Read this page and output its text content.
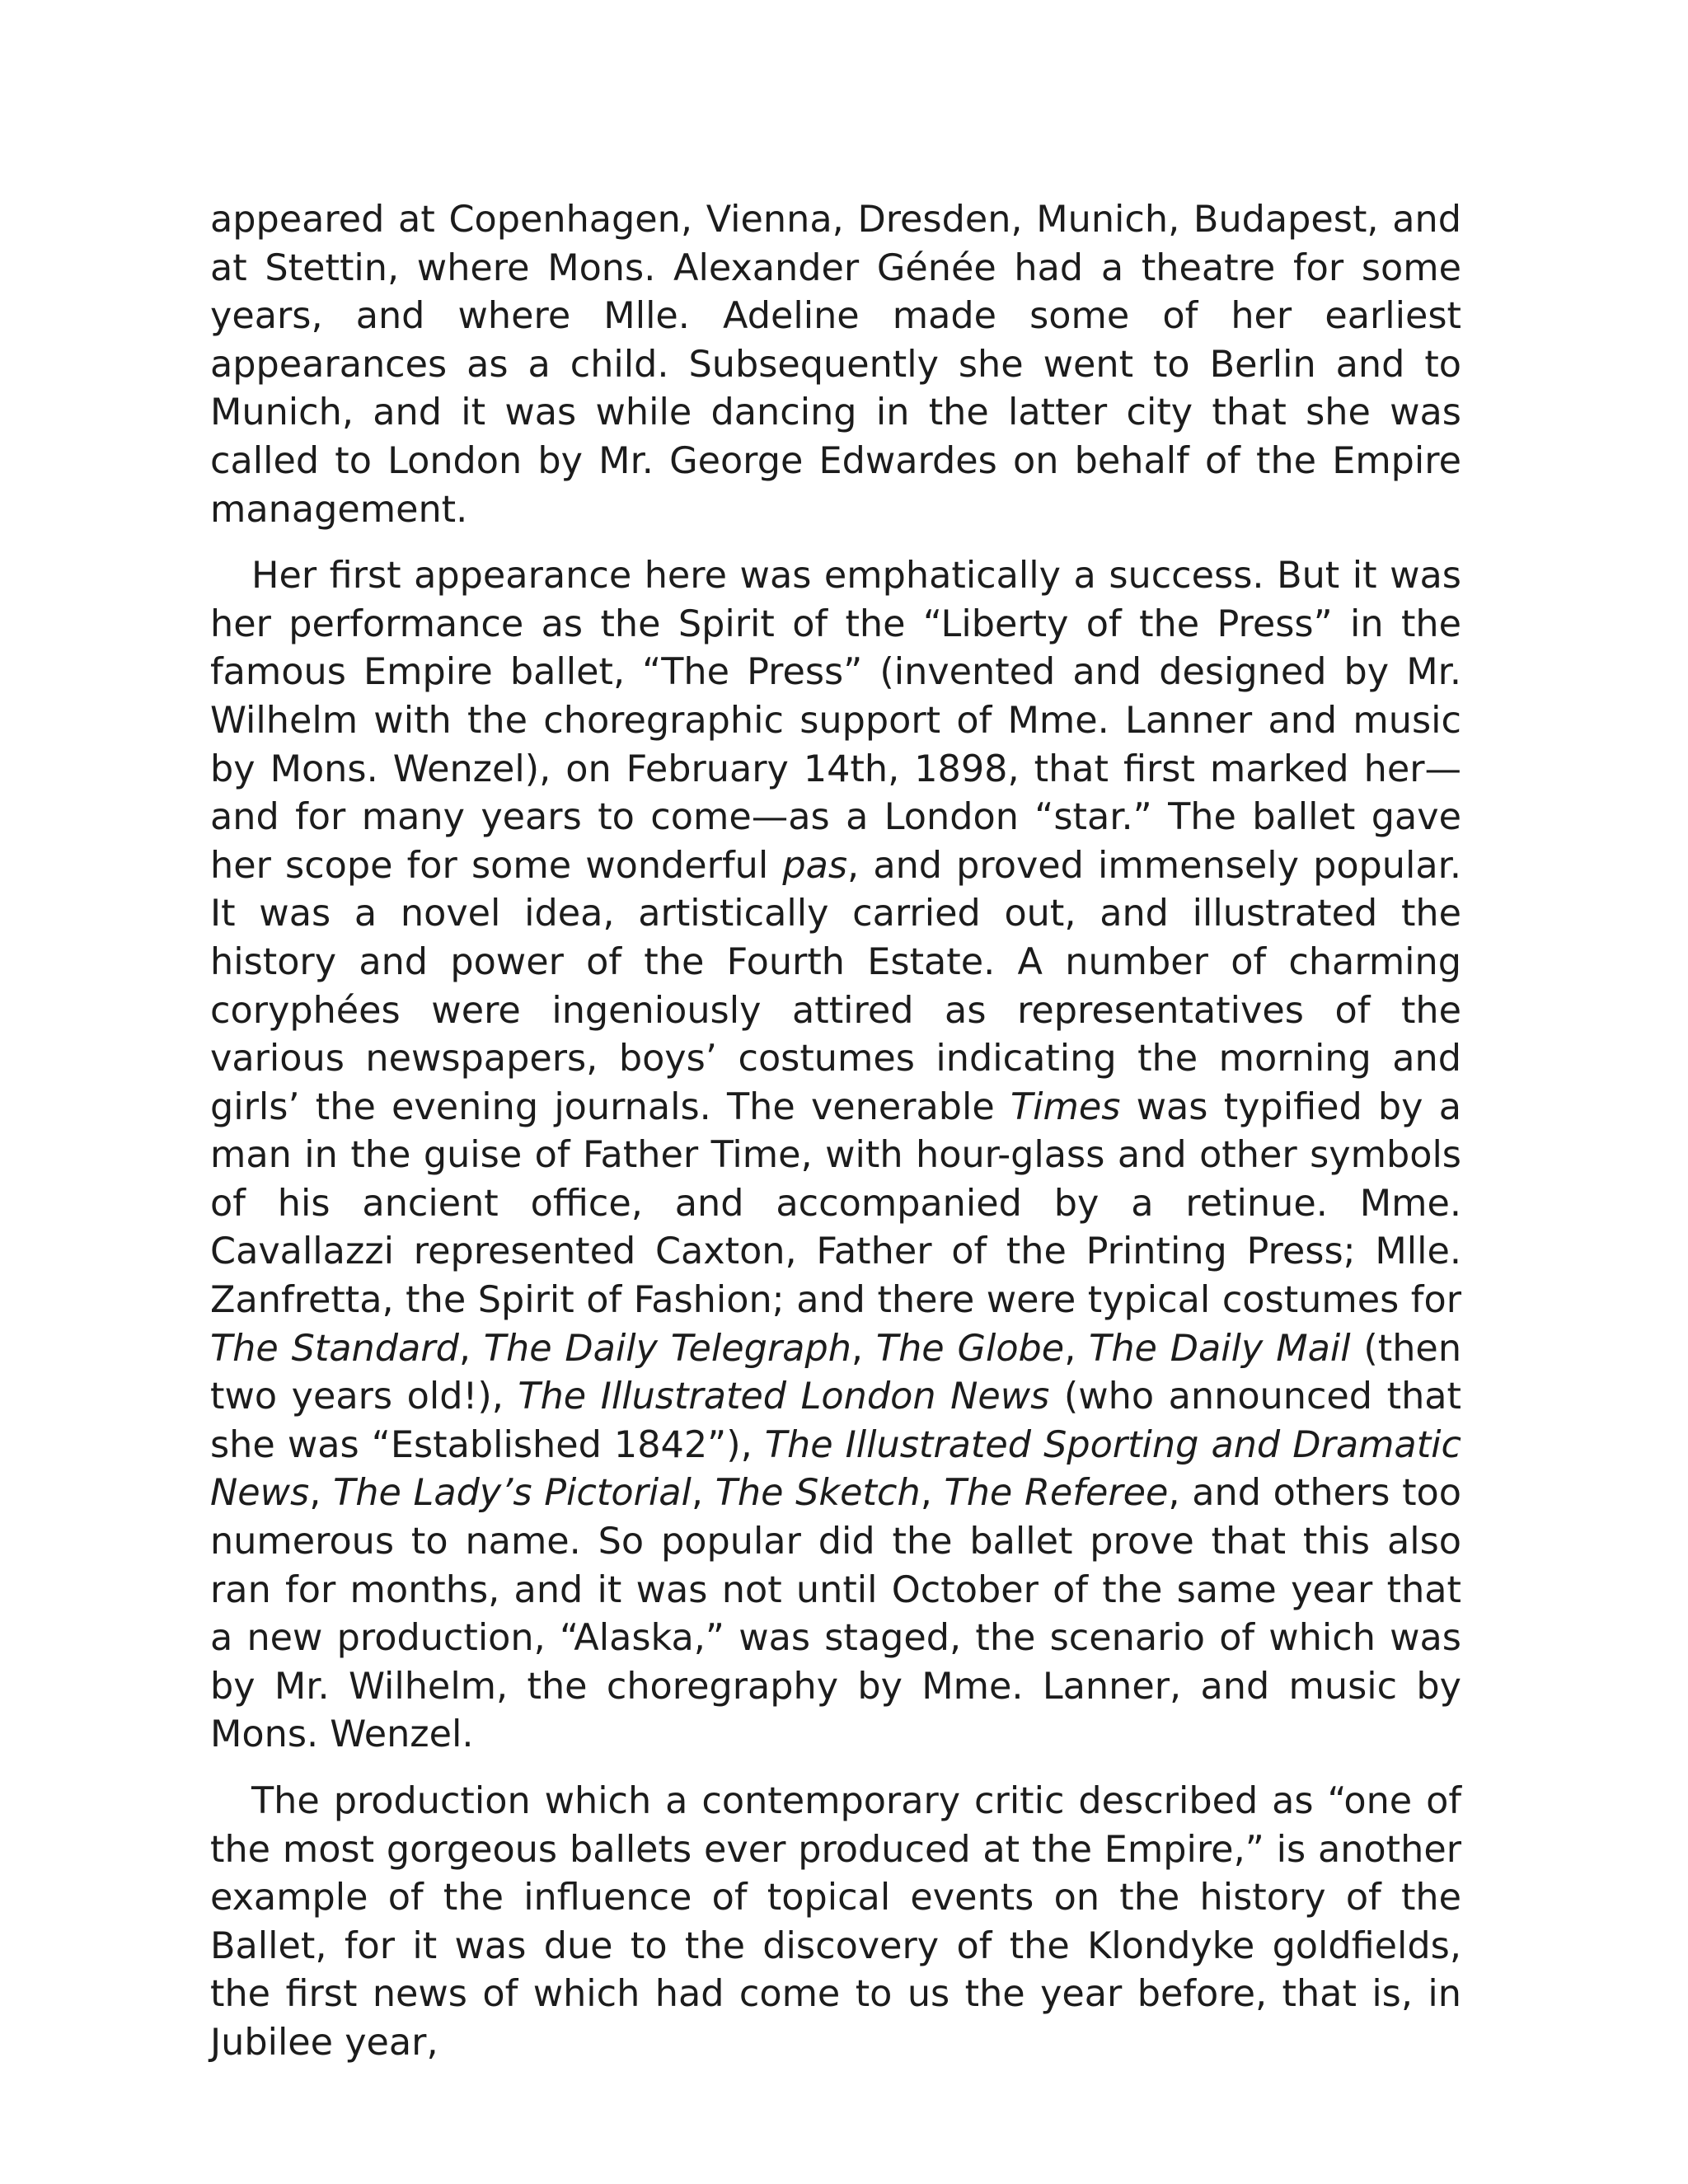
appeared at Copenhagen, Vienna, Dresden, Munich, Budapest, and at Stettin, where Mons. Alexander Génée had a theatre for some years, and where Mlle. Adeline made some of her earliest appearances as a child. Subsequently she went to Berlin and to Munich, and it was while dancing in the latter city that she was called to London by Mr. George Edwardes on behalf of the Empire management.

Her first appearance here was emphatically a success. But it was her performance as the Spirit of the “Liberty of the Press” in the famous Empire ballet, “The Press” (invented and designed by Mr. Wilhelm with the choregraphic support of Mme. Lanner and music by Mons. Wenzel), on February 14th, 1898, that first marked her—and for many years to come—as a London “star.” The ballet gave her scope for some wonderful pas, and proved immensely popular. It was a novel idea, artistically carried out, and illustrated the history and power of the Fourth Estate. A number of charming coryphées were ingeniously attired as representatives of the various newspapers, boys’ costumes indicating the morning and girls’ the evening journals. The venerable Times was typified by a man in the guise of Father Time, with hour-glass and other symbols of his ancient office, and accompanied by a retinue. Mme. Cavallazzi represented Caxton, Father of the Printing Press; Mlle. Zanfretta, the Spirit of Fashion; and there were typical costumes for The Standard, The Daily Telegraph, The Globe, The Daily Mail (then two years old!), The Illustrated London News (who announced that she was “Established 1842”), The Illustrated Sporting and Dramatic News, The Lady’s Pictorial, The Sketch, The Referee, and others too numerous to name. So popular did the ballet prove that this also ran for months, and it was not until October of the same year that a new production, “Alaska,” was staged, the scenario of which was by Mr. Wilhelm, the choregraphy by Mme. Lanner, and music by Mons. Wenzel.

The production which a contemporary critic described as “one of the most gorgeous ballets ever produced at the Empire,” is another example of the influence of topical events on the history of the Ballet, for it was due to the discovery of the Klondyke goldfields, the first news of which had come to us the year before, that is, in Jubilee year,
